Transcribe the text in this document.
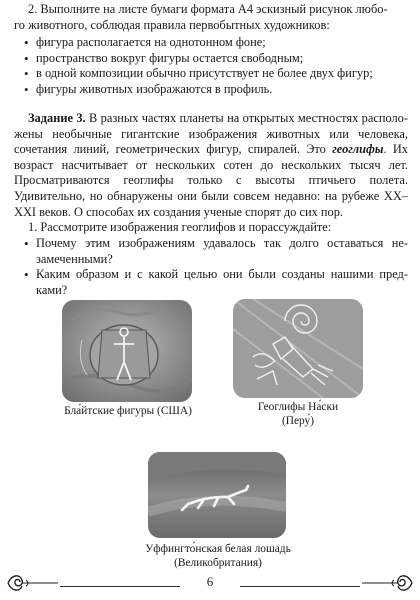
2. Выполните на листе бумаги формата А4 эскизный рисунок любо-
го животного, соблюдая правила первобытных художников:
• фигура располагается на однотонном фоне;
• пространство вокруг фигуры остается свободным;
• в одной композиции обычно присутствует не более двух фигур;
• фигуры животных изображаются в профиль.
Задание 3. В разных частях планеты на открытых местностях располо-жены необычные гигантские изображения животных или человека, сочетания линий, геометрических фигур, спиралей. Это геоглифы. Их возраст насчитывает от нескольких сотен до нескольких тысяч лет. Просматриваются геоглифы только с высоты птичьего полета. Удивительно, но обнаружены они были совсем недавно: на рубеже XX–XXI веков. О способах их создания ученые спорят до сих пор.
1. Рассмотрите изображения геоглифов и порассуждайте:
• Почему этим изображениям удавалось так долго оставаться не-замеченными?
• Каким образом и с какой целью они были созданы нашими пред-ками?
Бла́йтские фигуры (США)	Геоглифы На́ски
(Перу́)
Уффингто́нская белая лошадь
(Великобритания)
6
